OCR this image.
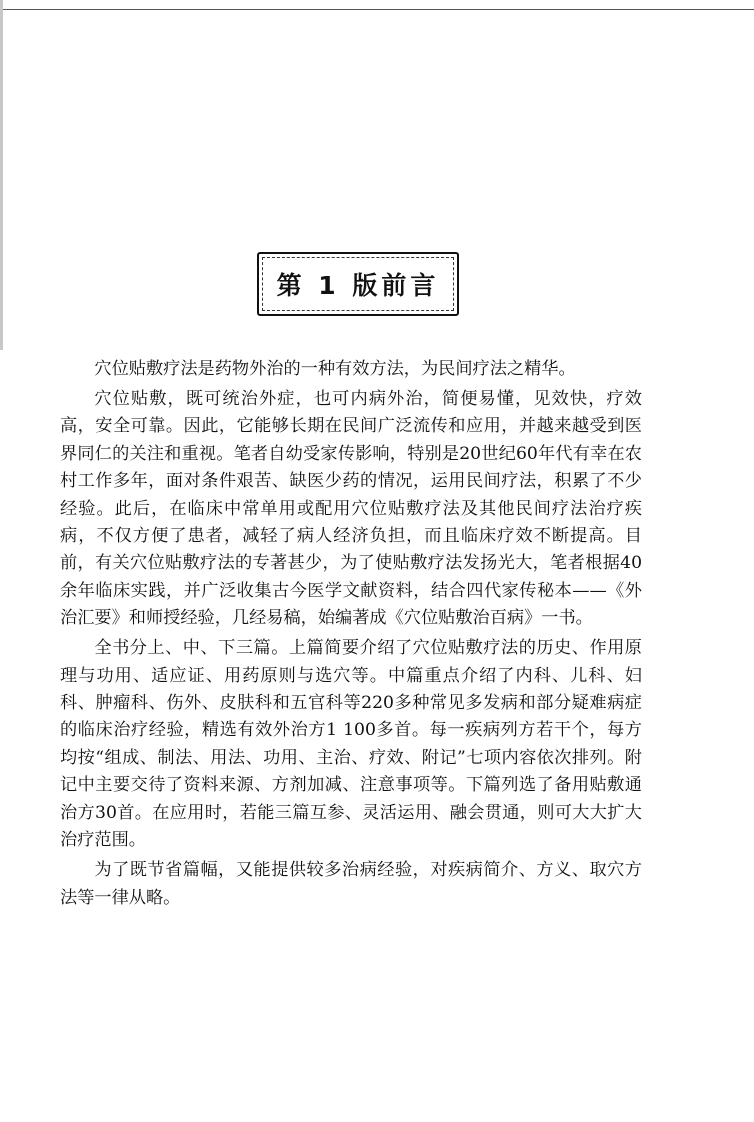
第 1 版前言

穴位贴敷疗法是药物外治的一种有效方法，为民间疗法之精华。

穴位贴敷，既可统治外症，也可内病外治，简便易懂，见效快，疗效高，安全可靠。因此，它能够长期在民间广泛流传和应用，并越来越受到医界同仁的关注和重视。笔者自幼受家传影响，特别是20世纪60年代有幸在农村工作多年，面对条件艰苦、缺医少药的情况，运用民间疗法，积累了不少经验。此后，在临床中常单用或配用穴位贴敷疗法及其他民间疗法治疗疾病，不仅方便了患者，减轻了病人经济负担，而且临床疗效不断提高。目前，有关穴位贴敷疗法的专著甚少，为了使贴敷疗法发扬光大，笔者根据40余年临床实践，并广泛收集古今医学文献资料，结合四代家传秘本——《外治汇要》和师授经验，几经易稿，始编著成《穴位贴敷治百病》一书。

全书分上、中、下三篇。上篇简要介绍了穴位贴敷疗法的历史、作用原理与功用、适应证、用药原则与选穴等。中篇重点介绍了内科、儿科、妇科、肿瘤科、伤外、皮肤科和五官科等220多种常见多发病和部分疑难病症的临床治疗经验，精选有效外治方1 100多首。每一疾病列方若干个，每方均按“组成、制法、用法、功用、主治、疗效、附记”七项内容依次排列。附记中主要交待了资料来源、方剂加减、注意事项等。下篇列选了备用贴敷通治方30首。在应用时，若能三篇互参、灵活运用、融会贯通，则可大大扩大治疗范围。

为了既节省篇幅，又能提供较多治病经验，对疾病简介、方义、取穴方法等一律从略。
